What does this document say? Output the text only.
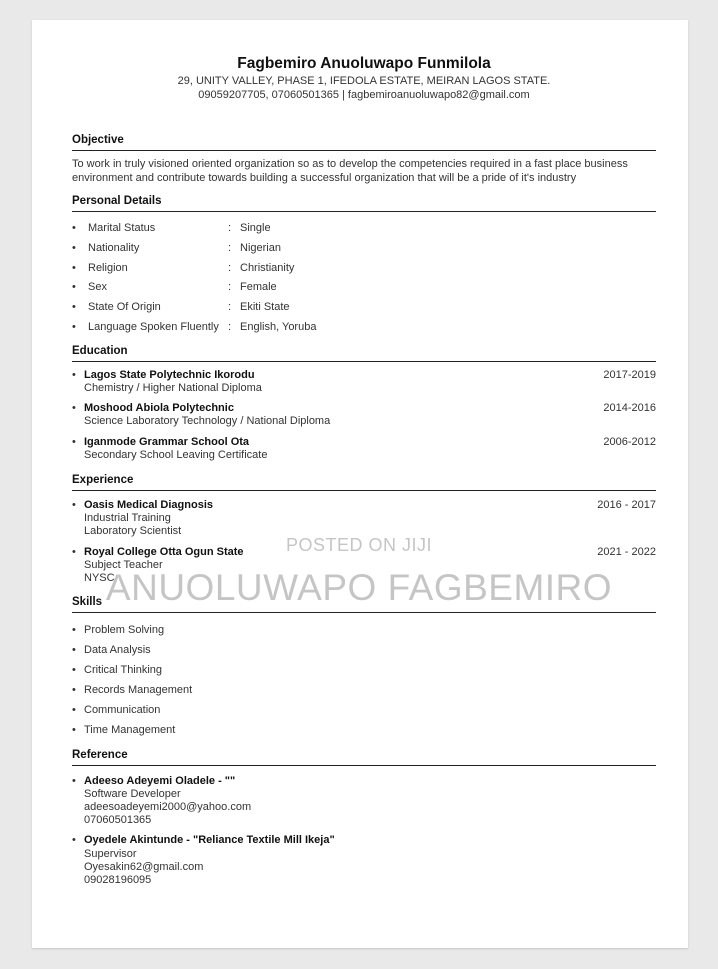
Fagbemiro Anuoluwapo Funmilola
29, UNITY VALLEY, PHASE 1, IFEDOLA ESTATE, MEIRAN LAGOS STATE.
09059207705, 07060501365 | fagbemiroanuoluwapo82@gmail.com
Objective
To work in truly visioned oriented organization so as to develop the competencies required in a fast place business environment and contribute towards building a successful organization that will be a pride of it's industry
Personal Details
• Marital Status	: Single
• Nationality	: Nigerian
• Religion	: Christianity
• Sex	: Female
• State Of Origin	: Ekiti State
• Language Spoken Fluently : English, Yoruba
Education
• Lagos State Polytechnic Ikorodu	2017-2019
Chemistry / Higher National Diploma
• Moshood Abiola Polytechnic	2014-2016
Science Laboratory Technology / National Diploma
• Iganmode Grammar School Ota	2006-2012
Secondary School Leaving Certificate
Experience
• Oasis Medical Diagnosis	2016 - 2017
Industrial Training
Laboratory Scientist
• Royal College Otta Ogun State	2021 - 2022
Subject Teacher
NYSC
Skills
• Problem Solving
• Data Analysis
• Critical Thinking
• Records Management
• Communication
• Time Management
Reference
• Adeeso Adeyemi Oladele - ""
Software Developer
adeesoadeyemi2000@yahoo.com
07060501365
• Oyedele Akintunde - "Reliance Textile Mill Ikeja"
Supervisor
Oyesakin62@gmail.com
09028196095
POSTED ON JIJI
ANUOLUWAPO FAGBEMIRO
